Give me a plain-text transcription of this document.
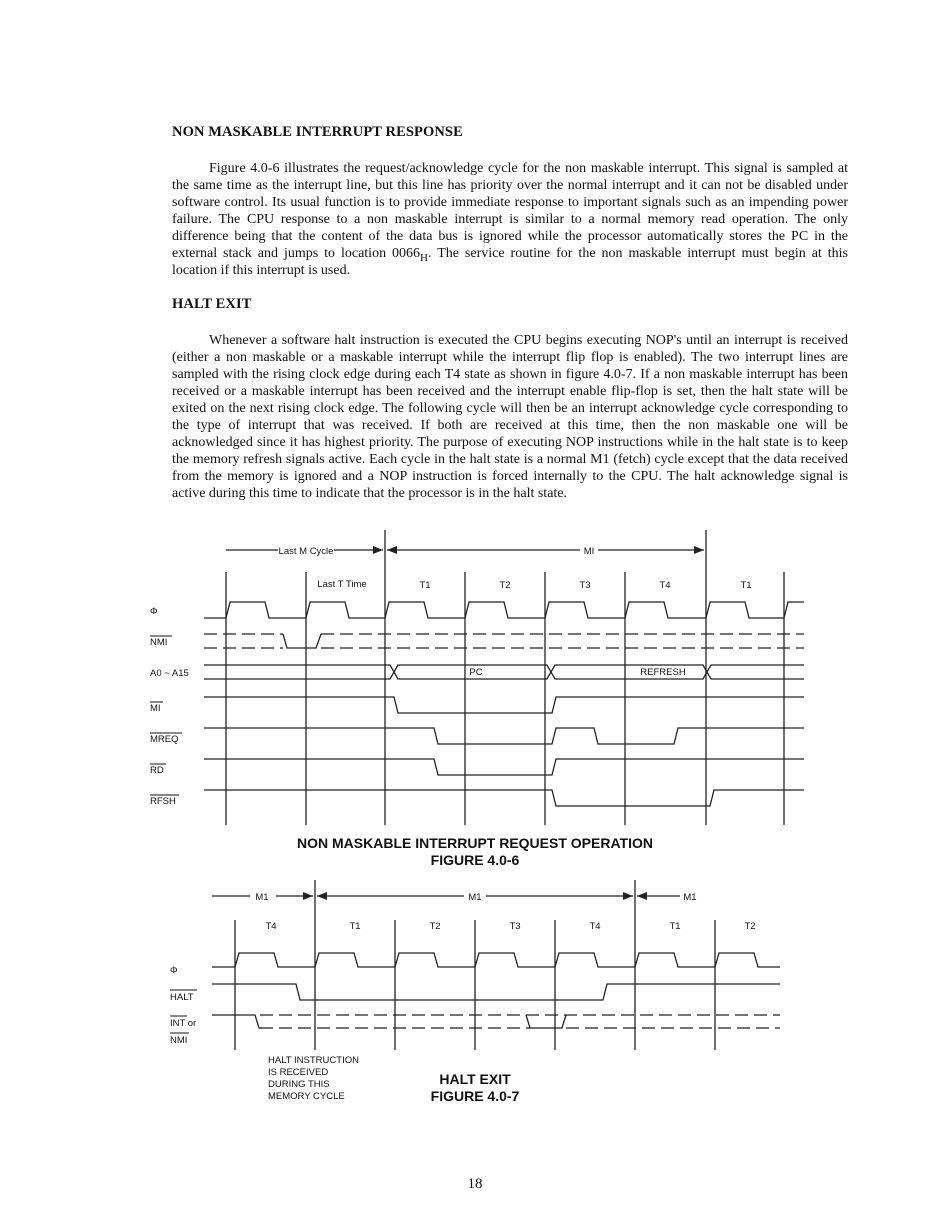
NON MASKABLE INTERRUPT RESPONSE

Figure 4.0-6 illustrates the request/acknowledge cycle for the non maskable interrupt. This signal is sampled at the same time as the interrupt line, but this line has priority over the normal interrupt and it can not be disabled under software control. Its usual function is to provide immediate response to important signals such as an impending power failure. The CPU response to a non maskable interrupt is similar to a normal memory read operation. The only difference being that the content of the data bus is ignored while the processor automatically stores the PC in the external stack and jumps to location $0066_H$. The service routine for the non maskable interrupt must begin at this location if this interrupt is used.

HALT EXIT

Whenever a software halt instruction is executed the CPU begins executing NOP's until an interrupt is received (either a non maskable or a maskable interrupt while the interrupt flip flop is enabled). The two interrupt lines are sampled with the rising clock edge during each T4 state as shown in figure 4.0-7. If a non maskable interrupt has been received or a maskable interrupt has been received and the interrupt enable flip-flop is set, then the halt state will be exited on the next rising clock edge. The following cycle will then be an interrupt acknowledge cycle corresponding to the type of interrupt that was received. If both are received at this time, then the non maskable one will be acknowledged since it has highest priority. The purpose of executing NOP instructions while in the halt state is to keep the memory refresh signals active. Each cycle in the halt state is a normal M1 (fetch) cycle except that the data received from the memory is ignored and a NOP instruction is forced internally to the CPU. The halt acknowledge signal is active during this time to indicate that the processor is in the halt state.

Last M Cycle	MI
Last T Time	T1	T2	T3	T4	T1
PC	REFRESH
Φ
NMI
A0 ~ A15
MI
MREQ
RD
RFSH
NON MASKABLE INTERRUPT REQUEST OPERATION
FIGURE 4.0-6
M1	M1	M1
T4	T1	T2	T3	T4	T1	T2
Φ
HALT
INT or
NMI
HALT INSTRUCTION
IS RECEIVED
DURING THIS
MEMORY CYCLE
HALT EXIT
FIGURE 4.0-7
18
